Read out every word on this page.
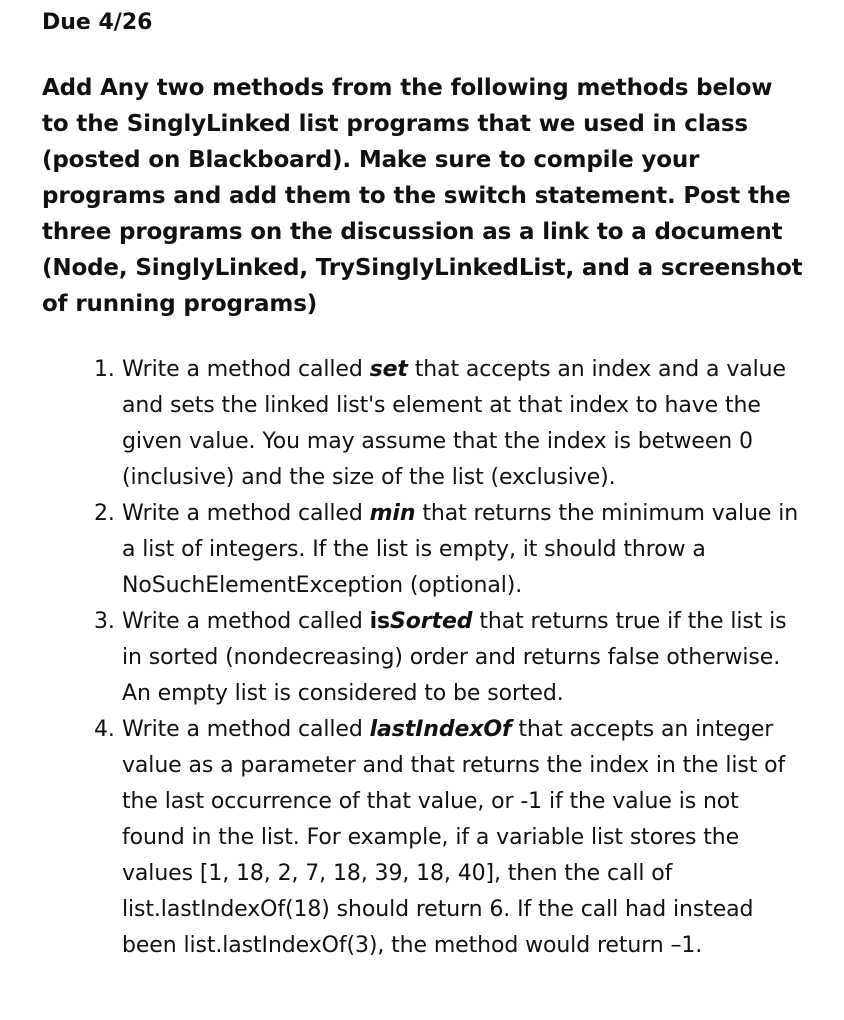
Due 4/26

Add Any two methods from the following methods below to the SinglyLinked list programs that we used in class (posted on Blackboard). Make sure to compile your programs and add them to the switch statement. Post the three programs on the discussion as a link to a document (Node, SinglyLinked, TrySinglyLinkedList, and a screenshot of running programs)

1. Write a method called set that accepts an index and a value and sets the linked list's element at that index to have the given value. You may assume that the index is between 0 (inclusive) and the size of the list (exclusive).
2. Write a method called min that returns the minimum value in a list of integers. If the list is empty, it should throw a NoSuchElementException (optional).
3. Write a method called isSorted that returns true if the list is in sorted (nondecreasing) order and returns false otherwise. An empty list is considered to be sorted.
4. Write a method called lastIndexOf that accepts an integer value as a parameter and that returns the index in the list of the last occurrence of that value, or -1 if the value is not found in the list. For example, if a variable list stores the values [1, 18, 2, 7, 18, 39, 18, 40], then the call of list.lastIndexOf(18) should return 6. If the call had instead been list.lastIndexOf(3), the method would return –1.
